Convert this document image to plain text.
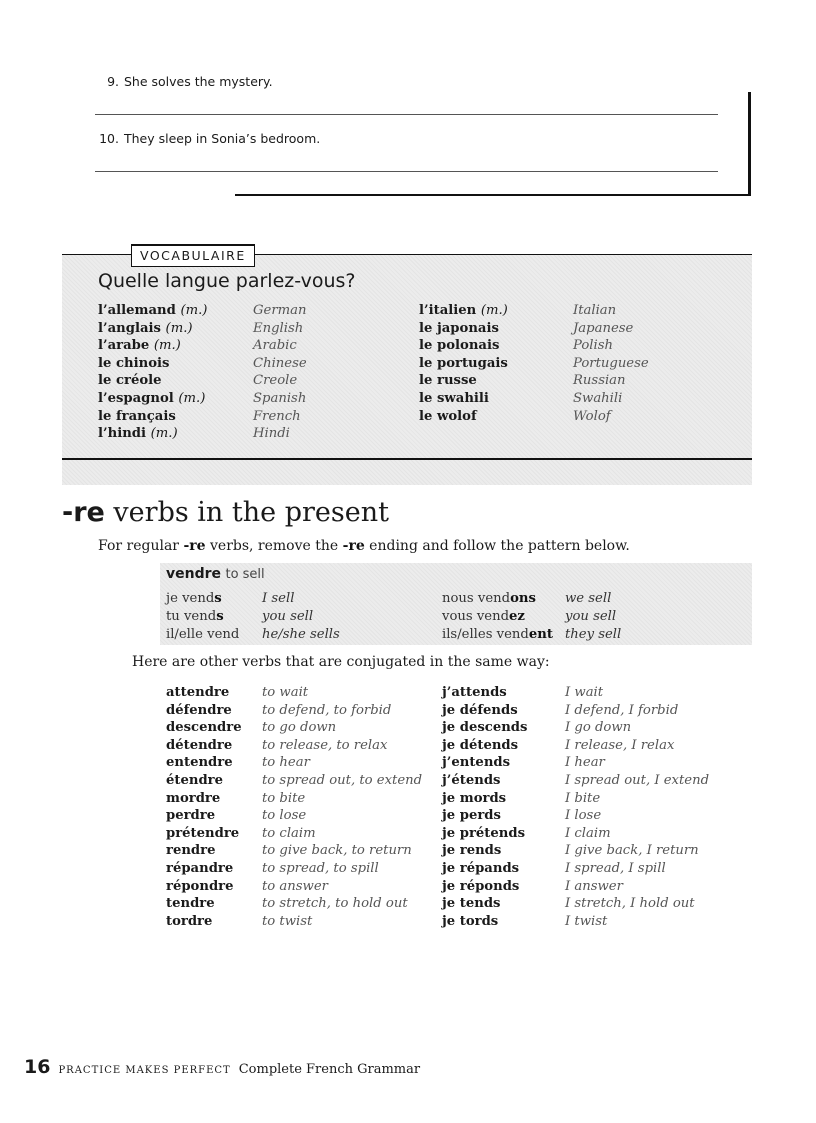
9. She solves the mystery.
10. They sleep in Sonia’s bedroom.
VOCABULAIRE
Quelle langue parlez-vous?
l’allemand (m.)
l’anglais (m.)
l’arabe (m.)
le chinois
le créole
l’espagnol (m.)
le français
l’hindi (m.)
German
English
Arabic
Chinese
Creole
Spanish
French
Hindi
l’italien (m.)
le japonais
le polonais
le portugais
le russe
le swahili
le wolof
Italian
Japanese
Polish
Portuguese
Russian
Swahili
Wolof
-re verbs in the present
For regular -re verbs, remove the -re ending and follow the pattern below.
vendre to sell
je vends
tu vends
il/elle vend
I sell
you sell
he/she sells
nous vendons
vous vendez
ils/elles vendent
we sell
you sell
they sell
Here are other verbs that are conjugated in the same way:
attendre
défendre
descendre
détendre
entendre
étendre
mordre
perdre
prétendre
rendre
répandre
répondre
tendre
tordre
to wait
to defend, to forbid
to go down
to release, to relax
to hear
to spread out, to extend
to bite
to lose
to claim
to give back, to return
to spread, to spill
to answer
to stretch, to hold out
to twist
j’attends
je défends
je descends
je détends
j’entends
j’étends
je mords
je perds
je prétends
je rends
je répands
je réponds
je tends
je tords
I wait
I defend, I forbid
I go down
I release, I relax
I hear
I spread out, I extend
I bite
I lose
I claim
I give back, I return
I spread, I spill
I answer
I stretch, I hold out
I twist
16 PRACTICE MAKES PERFECT Complete French Grammar
